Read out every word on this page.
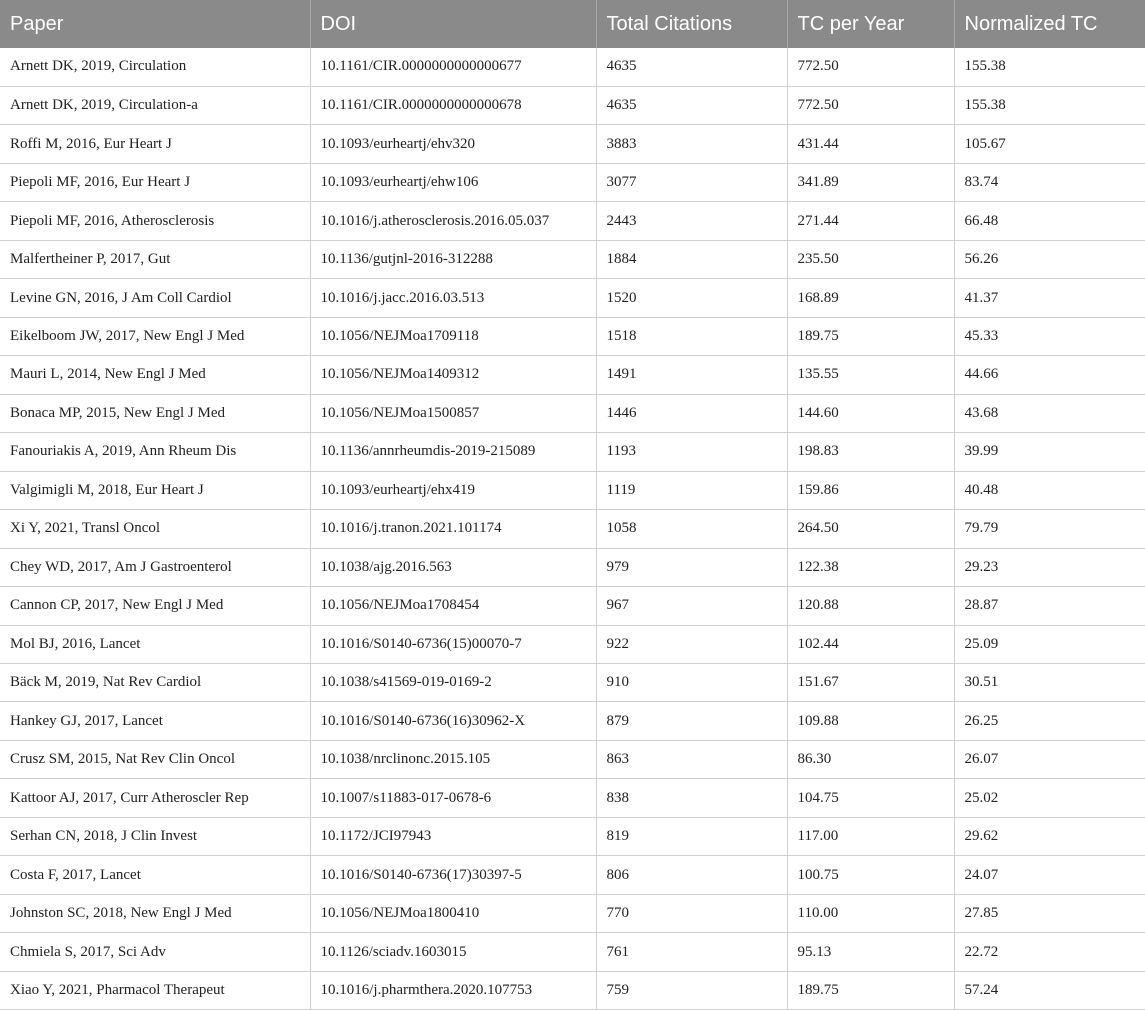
Paper	DOI	Total Citations	TC per Year	Normalized TC
Arnett DK, 2019, Circulation	10.1161/CIR.0000000000000677	4635	772.50	155.38
Arnett DK, 2019, Circulation-a	10.1161/CIR.0000000000000678	4635	772.50	155.38
Roffi M, 2016, Eur Heart J	10.1093/eurheartj/ehv320	3883	431.44	105.67
Piepoli MF, 2016, Eur Heart J	10.1093/eurheartj/ehw106	3077	341.89	83.74
Piepoli MF, 2016, Atherosclerosis	10.1016/j.atherosclerosis.2016.05.037	2443	271.44	66.48
Malfertheiner P, 2017, Gut	10.1136/gutjnl-2016-312288	1884	235.50	56.26
Levine GN, 2016, J Am Coll Cardiol	10.1016/j.jacc.2016.03.513	1520	168.89	41.37
Eikelboom JW, 2017, New Engl J Med	10.1056/NEJMoa1709118	1518	189.75	45.33
Mauri L, 2014, New Engl J Med	10.1056/NEJMoa1409312	1491	135.55	44.66
Bonaca MP, 2015, New Engl J Med	10.1056/NEJMoa1500857	1446	144.60	43.68
Fanouriakis A, 2019, Ann Rheum Dis	10.1136/annrheumdis-2019-215089	1193	198.83	39.99
Valgimigli M, 2018, Eur Heart J	10.1093/eurheartj/ehx419	1119	159.86	40.48
Xi Y, 2021, Transl Oncol	10.1016/j.tranon.2021.101174	1058	264.50	79.79
Chey WD, 2017, Am J Gastroenterol	10.1038/ajg.2016.563	979	122.38	29.23
Cannon CP, 2017, New Engl J Med	10.1056/NEJMoa1708454	967	120.88	28.87
Mol BJ, 2016, Lancet	10.1016/S0140-6736(15)00070-7	922	102.44	25.09
Bäck M, 2019, Nat Rev Cardiol	10.1038/s41569-019-0169-2	910	151.67	30.51
Hankey GJ, 2017, Lancet	10.1016/S0140-6736(16)30962-X	879	109.88	26.25
Crusz SM, 2015, Nat Rev Clin Oncol	10.1038/nrclinonc.2015.105	863	86.30	26.07
Kattoor AJ, 2017, Curr Atheroscler Rep	10.1007/s11883-017-0678-6	838	104.75	25.02
Serhan CN, 2018, J Clin Invest	10.1172/JCI97943	819	117.00	29.62
Costa F, 2017, Lancet	10.1016/S0140-6736(17)30397-5	806	100.75	24.07
Johnston SC, 2018, New Engl J Med	10.1056/NEJMoa1800410	770	110.00	27.85
Chmiela S, 2017, Sci Adv	10.1126/sciadv.1603015	761	95.13	22.72
Xiao Y, 2021, Pharmacol Therapeut	10.1016/j.pharmthera.2020.107753	759	189.75	57.24
